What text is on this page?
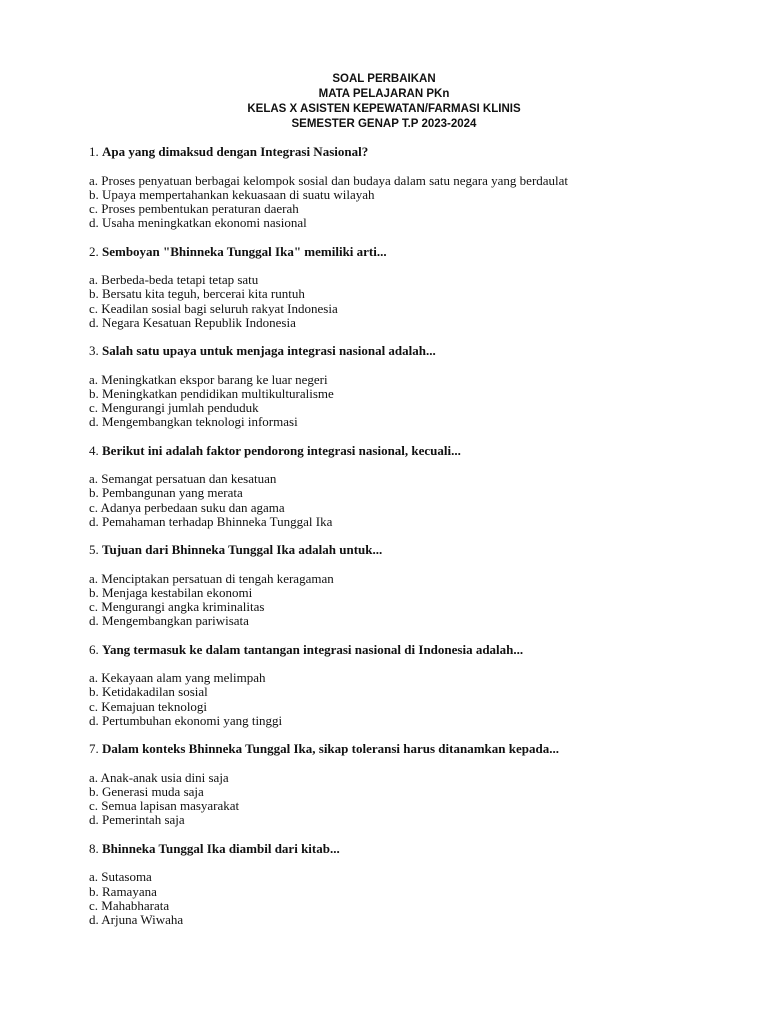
SOAL PERBAIKAN
MATA PELAJARAN PKn
KELAS X ASISTEN KEPEWATAN/FARMASI KLINIS
SEMESTER GENAP T.P 2023-2024
1. Apa yang dimaksud dengan Integrasi Nasional?
a. Proses penyatuan berbagai kelompok sosial dan budaya dalam satu negara yang berdaulat
b. Upaya mempertahankan kekuasaan di suatu wilayah
c. Proses pembentukan peraturan daerah
d. Usaha meningkatkan ekonomi nasional
2. Semboyan "Bhinneka Tunggal Ika" memiliki arti...
a. Berbeda-beda tetapi tetap satu
b. Bersatu kita teguh, bercerai kita runtuh
c. Keadilan sosial bagi seluruh rakyat Indonesia
d. Negara Kesatuan Republik Indonesia
3. Salah satu upaya untuk menjaga integrasi nasional adalah...
a. Meningkatkan ekspor barang ke luar negeri
b. Meningkatkan pendidikan multikulturalisme
c. Mengurangi jumlah penduduk
d. Mengembangkan teknologi informasi
4. Berikut ini adalah faktor pendorong integrasi nasional, kecuali...
a. Semangat persatuan dan kesatuan
b. Pembangunan yang merata
c. Adanya perbedaan suku dan agama
d. Pemahaman terhadap Bhinneka Tunggal Ika
5. Tujuan dari Bhinneka Tunggal Ika adalah untuk...
a. Menciptakan persatuan di tengah keragaman
b. Menjaga kestabilan ekonomi
c. Mengurangi angka kriminalitas
d. Mengembangkan pariwisata
6. Yang termasuk ke dalam tantangan integrasi nasional di Indonesia adalah...
a. Kekayaan alam yang melimpah
b. Ketidakadilan sosial
c. Kemajuan teknologi
d. Pertumbuhan ekonomi yang tinggi
7. Dalam konteks Bhinneka Tunggal Ika, sikap toleransi harus ditanamkan kepada...
a. Anak-anak usia dini saja
b. Generasi muda saja
c. Semua lapisan masyarakat
d. Pemerintah saja
8. Bhinneka Tunggal Ika diambil dari kitab...
a. Sutasoma
b. Ramayana
c. Mahabharata
d. Arjuna Wiwaha
